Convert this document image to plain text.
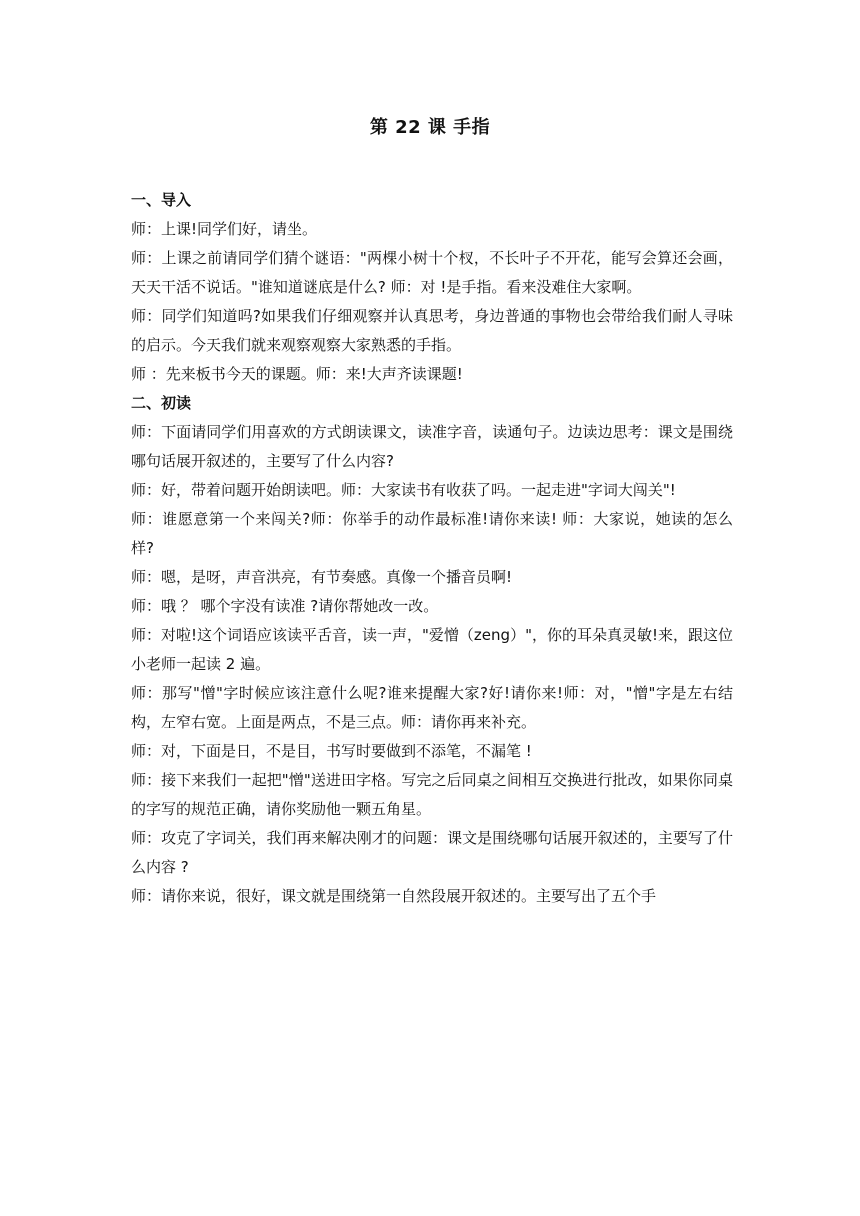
第 22 课 手指

一、导入

师：上课!同学们好，请坐。

师：上课之前请同学们猜个谜语："两棵小树十个杈，不长叶子不开花，能写会算还会画，天天干活不说话。"谁知道谜底是什么? 师：对 !是手指。看来没难住大家啊。

师：同学们知道吗?如果我们仔细观察并认真思考，身边普通的事物也会带给我们耐人寻味的启示。今天我们就来观察观察大家熟悉的手指。

师 ：先来板书今天的课题。师：来!大声齐读课题!

二、初读

师：下面请同学们用喜欢的方式朗读课文，读准字音，读通句子。边读边思考：课文是围绕哪句话展开叙述的，主要写了什么内容?

师：好，带着问题开始朗读吧。师：大家读书有收获了吗。一起走进"字词大闯关"!

师：谁愿意第一个来闯关?师：你举手的动作最标准!请你来读! 师：大家说，她读的怎么样?

师：嗯，是呀，声音洪亮，有节奏感。真像一个播音员啊!

师：哦 ？ 哪个字没有读准 ?请你帮她改一改。

师：对啦!这个词语应该读平舌音，读一声，"爱憎（zeng）"，你的耳朵真灵敏!来，跟这位小老师一起读 2 遍。

师：那写"憎"字时候应该注意什么呢?谁来提醒大家?好!请你来!师：对，"憎"字是左右结构，左窄右宽。上面是两点，不是三点。师：请你再来补充。

师：对，下面是日，不是目，书写时要做到不添笔，不漏笔 !

师：接下来我们一起把"憎"送进田字格。写完之后同桌之间相互交换进行批改，如果你同桌的字写的规范正确，请你奖励他一颗五角星。

师：攻克了字词关，我们再来解决刚才的问题：课文是围绕哪句话展开叙述的，主要写了什么内容 ?

师：请你来说，很好，课文就是围绕第一自然段展开叙述的。主要写出了五个手
